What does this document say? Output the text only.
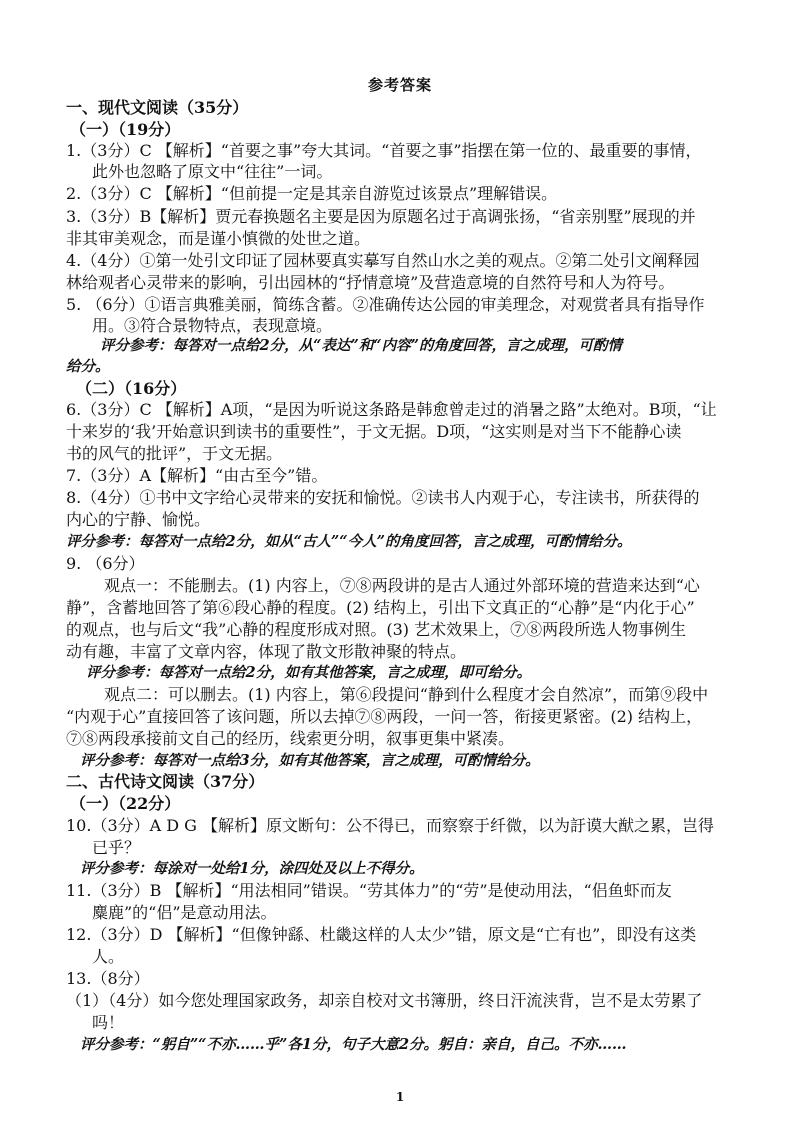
参考答案
一、现代文阅读（35分）
（一）（19分）
1.（3分）C 【解析】“首要之事”夸大其词。“首要之事”指摆在第一位的、最重要的事情，
此外也忽略了原文中“往往”一词。
2.（3分）C 【解析】“但前提一定是其亲自游览过该景点”理解错误。
3.（3分）B【解析】贾元春换题名主要是因为原题名过于高调张扬，“省亲别墅”展现的并
非其审美观念，而是谨小慎微的处世之道。
4.（4分）①第一处引文印证了园林要真实摹写自然山水之美的观点。②第二处引文阐释园
林给观者心灵带来的影响，引出园林的“抒情意境”及营造意境的自然符号和人为符号。
5. （6分）①语言典雅美丽，简练含蓄。②准确传达公园的审美理念，对观赏者具有指导作
用。③符合景物特点，表现意境。
评分参考：每答对一点给2分，从“表达”和“内容”的角度回答，言之成理，可酌情
给分。
（二）（16分）
6.（3分）C 【解析】A项，“是因为听说这条路是韩愈曾走过的消暑之路”太绝对。B项，“让
十来岁的‘我’开始意识到读书的重要性”，于文无据。D项，“这实则是对当下不能静心读
书的风气的批评”，于文无据。
7.（3分）A【解析】“由古至今”错。
8.（4分）①书中文字给心灵带来的安抚和愉悦。②读书人内观于心，专注读书，所获得的
内心的宁静、愉悦。
评分参考：每答对一点给2分，如从“古人”“今人”的角度回答，言之成理，可酌情给分。
9. （6分）
观点一：不能删去。(1) 内容上，⑦⑧两段讲的是古人通过外部环境的营造来达到“心
静”，含蓄地回答了第⑥段心静的程度。(2) 结构上，引出下文真正的“心静”是“内化于心”
的观点，也与后文“我”心静的程度形成对照。(3) 艺术效果上，⑦⑧两段所选人物事例生
动有趣，丰富了文章内容，体现了散文形散神聚的特点。
评分参考：每答对一点给2分，如有其他答案，言之成理，即可给分。
观点二：可以删去。(1) 内容上，第⑥段提问“静到什么程度才会自然凉”，而第⑨段中
“内观于心”直接回答了该问题，所以去掉⑦⑧两段，一问一答，衔接更紧密。(2) 结构上，
⑦⑧两段承接前文自己的经历，线索更分明，叙事更集中紧凑。
评分参考：每答对一点给3分，如有其他答案，言之成理，可酌情给分。
二、古代诗文阅读（37分）
（一）（22分）
10.（3分）A D G 【解析】原文断句：公不得已，而察察于纤微，以为訏谟大猷之累，岂得
已乎？
评分参考：每涂对一处给1分，涂四处及以上不得分。
11.（3分）B 【解析】“用法相同”错误。“劳其体力”的“劳”是使动用法，“侣鱼虾而友
麋鹿”的“侣”是意动用法。
12.（3分）D 【解析】“但像钟繇、杜畿这样的人太少”错，原文是“亡有也”，即没有这类
人。
13.（8分）
（1）（4分）如今您处理国家政务，却亲自校对文书簿册，终日汗流浃背，岂不是太劳累了
吗！
评分参考：“躬自”“不亦……乎”各1分，句子大意2分。躬自：亲自，自己。不亦……
1
